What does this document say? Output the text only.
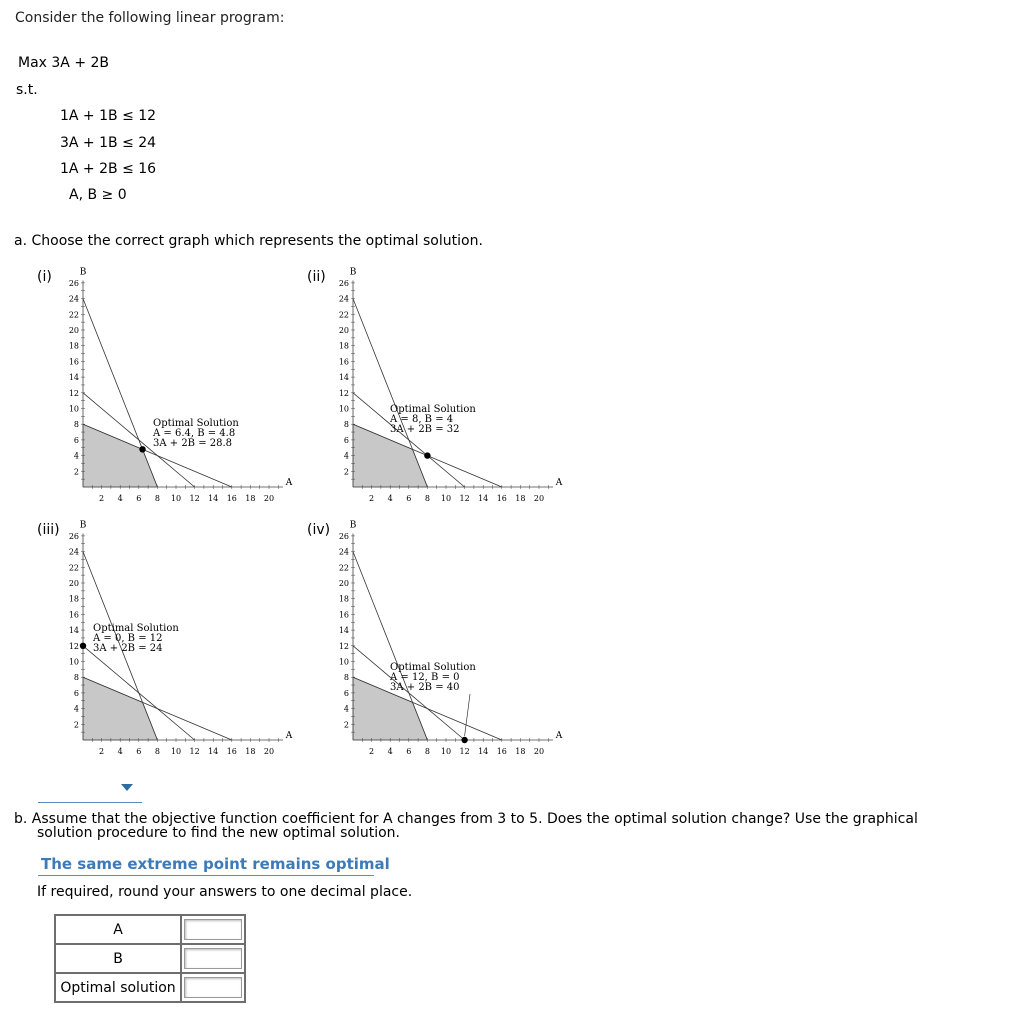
Consider the following linear program:
Max 3A + 2B
s.t.
1A + 1B ≤ 12
3A + 1B ≤ 24
1A + 2B ≤ 16
A, B ≥ 0
a. Choose the correct graph which represents the optimal solution.
(i)
A
B
2 4 6 8 10 12 14 16 18 20
2
4
6
8
10
12
14
16
18
20
22
24
26
Optimal Solution
A = 6.4, B = 4.8
3A + 2B = 28.8
(ii)
A
B
2 4 6 8 10 12 14 16 18 20
2
4
6
8
10
12
14
16
18
20
22
24
26
Optimal Solution
A = 8, B = 4
3A + 2B = 32
(iii)
A
B
2 4 6 8 10 12 14 16 18 20
2
4
6
8
10
12
14
16
18
20
22
24
26
Optimal Solution
A = 0, B = 12
3A + 2B = 24
(iv)
A
B
2 4 6 8 10 12 14 16 18 20
2
4
6
8
10
12
14
16
18
20
22
24
26
Optimal Solution
A = 12, B = 0
3A + 2B = 40
b. Assume that the objective function coefficient for A changes from 3 to 5. Does the optimal solution change? Use the graphical
solution procedure to find the new optimal solution.
The same extreme point remains optimal
If required, round your answers to one decimal place.
A	
B	
Optimal solution	
